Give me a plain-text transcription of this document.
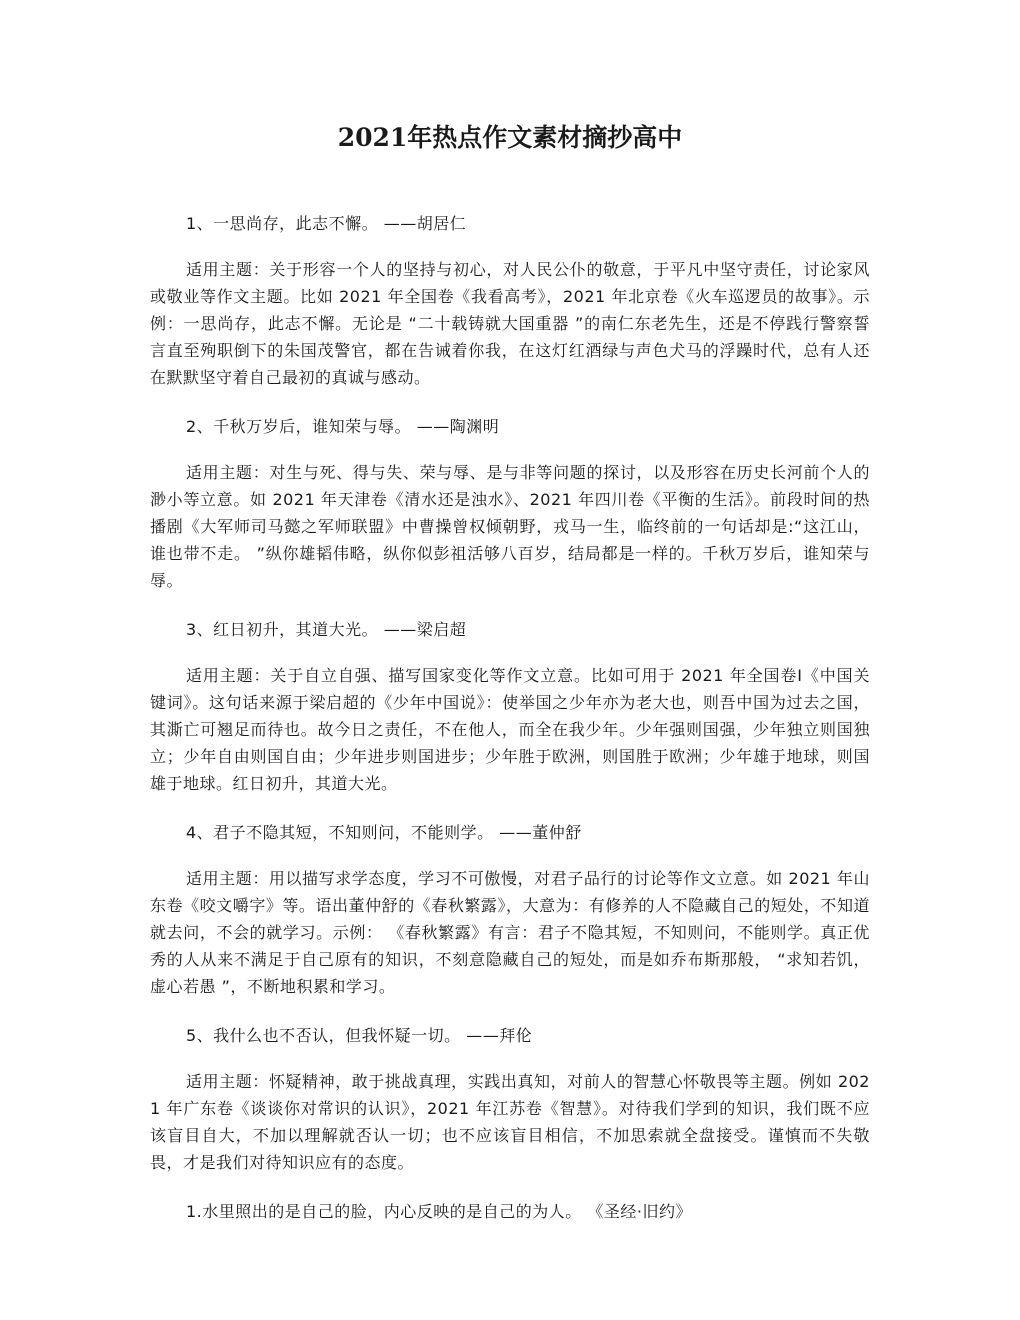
2021年热点作文素材摘抄高中

1、一思尚存，此志不懈。 ——胡居仁

适用主题：关于形容一个人的坚持与初心，对人民公仆的敬意，于平凡中坚守责任，讨论家风或敬业等作文主题。比如 2021 年全国卷《我看高考》，2021 年北京卷《火车巡逻员的故事》。示例：一思尚存，此志不懈。无论是 “二十载铸就大国重器 ”的南仁东老先生，还是不停践行警察誓言直至殉职倒下的朱国茂警官，都在告诫着你我，在这灯红酒绿与声色犬马的浮躁时代，总有人还在默默坚守着自己最初的真诚与感动。

2、千秋万岁后，谁知荣与辱。 ——陶渊明

适用主题：对生与死、得与失、荣与辱、是与非等问题的探讨，以及形容在历史长河前个人的渺小等立意。如 2021 年天津卷《清水还是浊水》、2021 年四川卷《平衡的生活》。前段时间的热播剧《大军师司马懿之军师联盟》中曹操曾权倾朝野，戎马一生，临终前的一句话却是:“这江山，谁也带不走。 ”纵你雄韬伟略，纵你似彭祖活够八百岁，结局都是一样的。千秋万岁后，谁知荣与辱。

3、红日初升，其道大光。 ——梁启超

适用主题：关于自立自强、描写国家变化等作文立意。比如可用于 2021 年全国卷Ⅰ《中国关键词》。这句话来源于梁启超的《少年中国说》：使举国之少年亦为老大也，则吾中国为过去之国，其澌亡可翘足而待也。故今日之责任，不在他人，而全在我少年。少年强则国强，少年独立则国独立；少年自由则国自由；少年进步则国进步；少年胜于欧洲，则国胜于欧洲；少年雄于地球，则国雄于地球。红日初升，其道大光。

4、君子不隐其短，不知则问，不能则学。 ——董仲舒

适用主题：用以描写求学态度，学习不可傲慢，对君子品行的讨论等作文立意。如 2021 年山东卷《咬文嚼字》等。语出董仲舒的《春秋繁露》，大意为：有修养的人不隐藏自己的短处，不知道就去问，不会的就学习。示例： 《春秋繁露》有言：君子不隐其短，不知则问，不能则学。真正优秀的人从来不满足于自己原有的知识，不刻意隐藏自己的短处，而是如乔布斯那般， “求知若饥，虚心若愚 ”，不断地积累和学习。

5、我什么也不否认，但我怀疑一切。 ——拜伦

适用主题：怀疑精神，敢于挑战真理，实践出真知，对前人的智慧心怀敬畏等主题。例如 2021 年广东卷《谈谈你对常识的认识》，2021 年江苏卷《智慧》。对待我们学到的知识，我们既不应该盲目自大，不加以理解就否认一切；也不应该盲目相信，不加思索就全盘接受。谨慎而不失敬畏，才是我们对待知识应有的态度。

1.水里照出的是自己的脸，内心反映的是自己的为人。 《圣经·旧约》
